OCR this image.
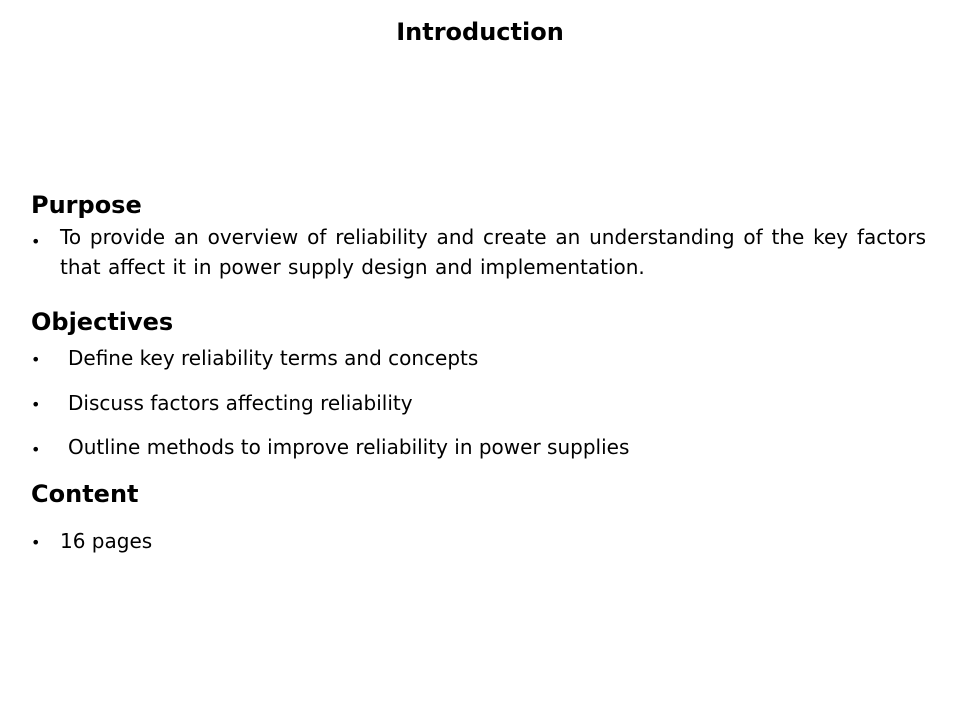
Introduction
Purpose
• To provide an overview of reliability and create an understanding of the key factors that affect it in power supply design and implementation.
Objectives
• Define key reliability terms and concepts
• Discuss factors affecting reliability
• Outline methods to improve reliability in power supplies
Content
• 16 pages
